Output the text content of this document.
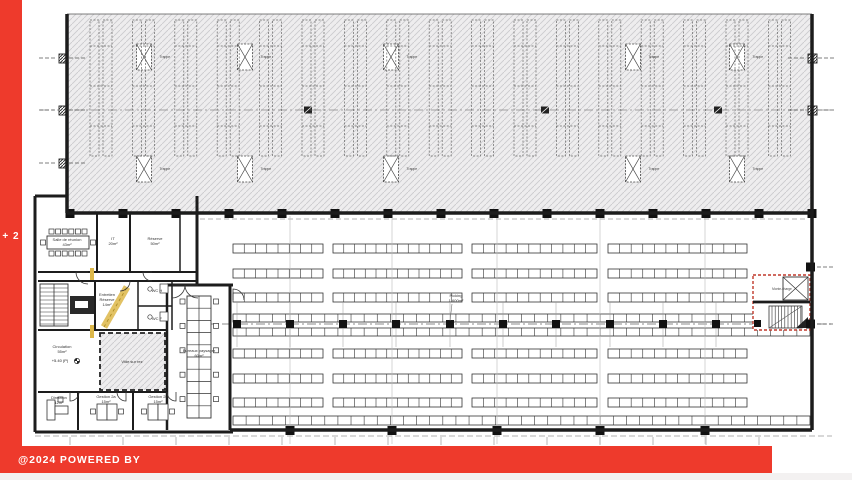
Trappe	Trappe	Trappe	Trappe	Trappe
Trappe	Trappe	Trappe	Trappe	Trappe
Picking
1 600m²
Monte-charge
Salle de réunion
43m²
IT
20m²
Réserve
50m²
Entretien
Réserve
14m²
WC H
WC F
Circulation
55m²
+5.40 (P)	Vide sur rez
Bureaux paysager
60m²
Direction
12m²
Gestion 2a
15m²
Gestion 2b
15m²
+ 2
@2024 POWERED BY
